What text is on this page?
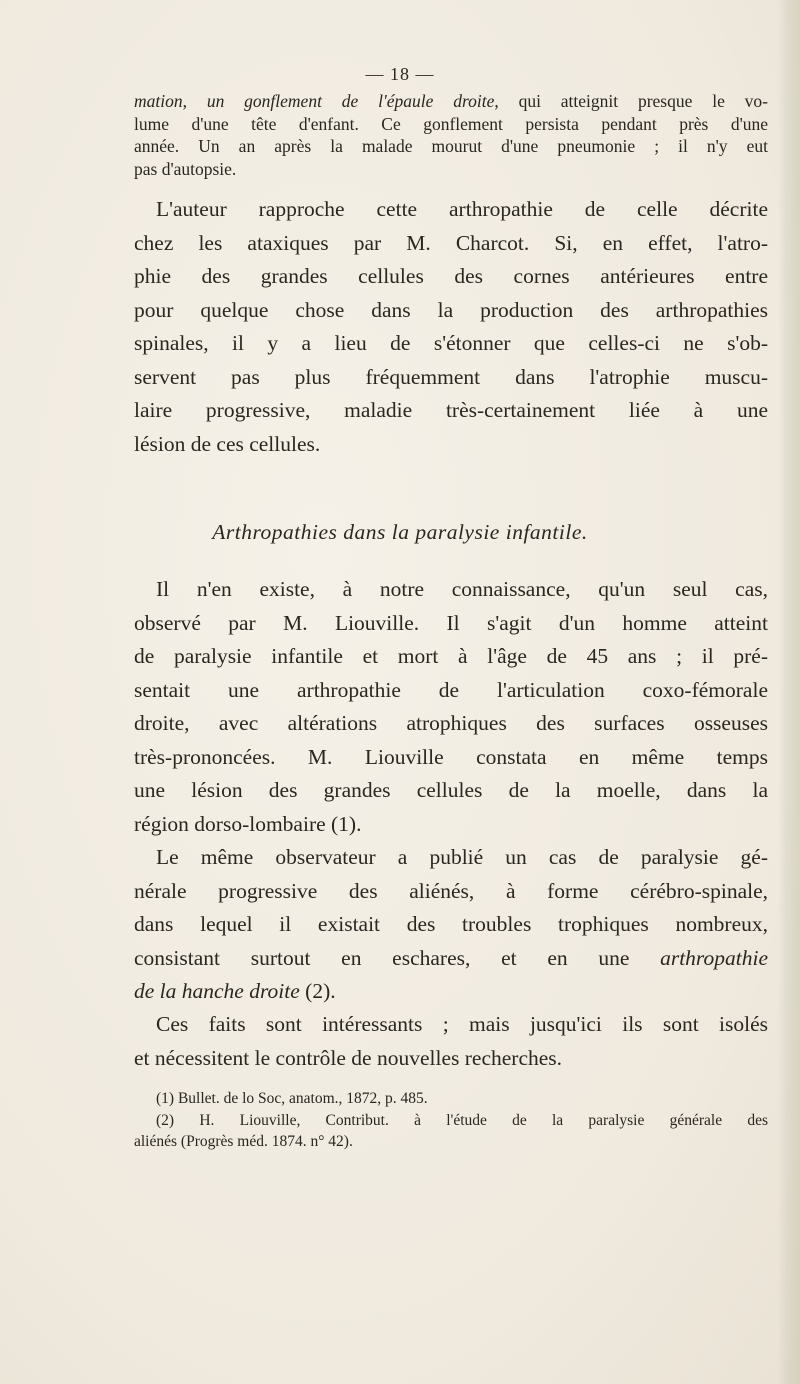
— 18 —
mation, un gonflement de l'épaule droite, qui atteignit presque le vo-
lume d'une tête d'enfant. Ce gonflement persista pendant près d'une
année. Un an après la malade mourut d'une pneumonie ; il n'y eut
pas d'autopsie.
L'auteur rapproche cette arthropathie de celle décrite
chez les ataxiques par M. Charcot. Si, en effet, l'atro-
phie des grandes cellules des cornes antérieures entre
pour quelque chose dans la production des arthropathies
spinales, il y a lieu de s'étonner que celles-ci ne s'ob-
servent pas plus fréquemment dans l'atrophie muscu-
laire progressive, maladie très-certainement liée à une
lésion de ces cellules.
Arthropathies dans la paralysie infantile.
Il n'en existe, à notre connaissance, qu'un seul cas,
observé par M. Liouville. Il s'agit d'un homme atteint
de paralysie infantile et mort à l'âge de 45 ans ; il pré-
sentait une arthropathie de l'articulation coxo-fémorale
droite, avec altérations atrophiques des surfaces osseuses
très-prononcées. M. Liouville constata en même temps
une lésion des grandes cellules de la moelle, dans la
région dorso-lombaire (1).
Le même observateur a publié un cas de paralysie gé-
nérale progressive des aliénés, à forme cérébro-spinale,
dans lequel il existait des troubles trophiques nombreux,
consistant surtout en eschares, et en une arthropathie
de la hanche droite (2).
Ces faits sont intéressants ; mais jusqu'ici ils sont isolés
et nécessitent le contrôle de nouvelles recherches.
(1) Bullet. de lo Soc, anatom., 1872, p. 485.
(2) H. Liouville, Contribut. à l'étude de la paralysie générale des
aliénés (Progrès méd. 1874. n° 42).
